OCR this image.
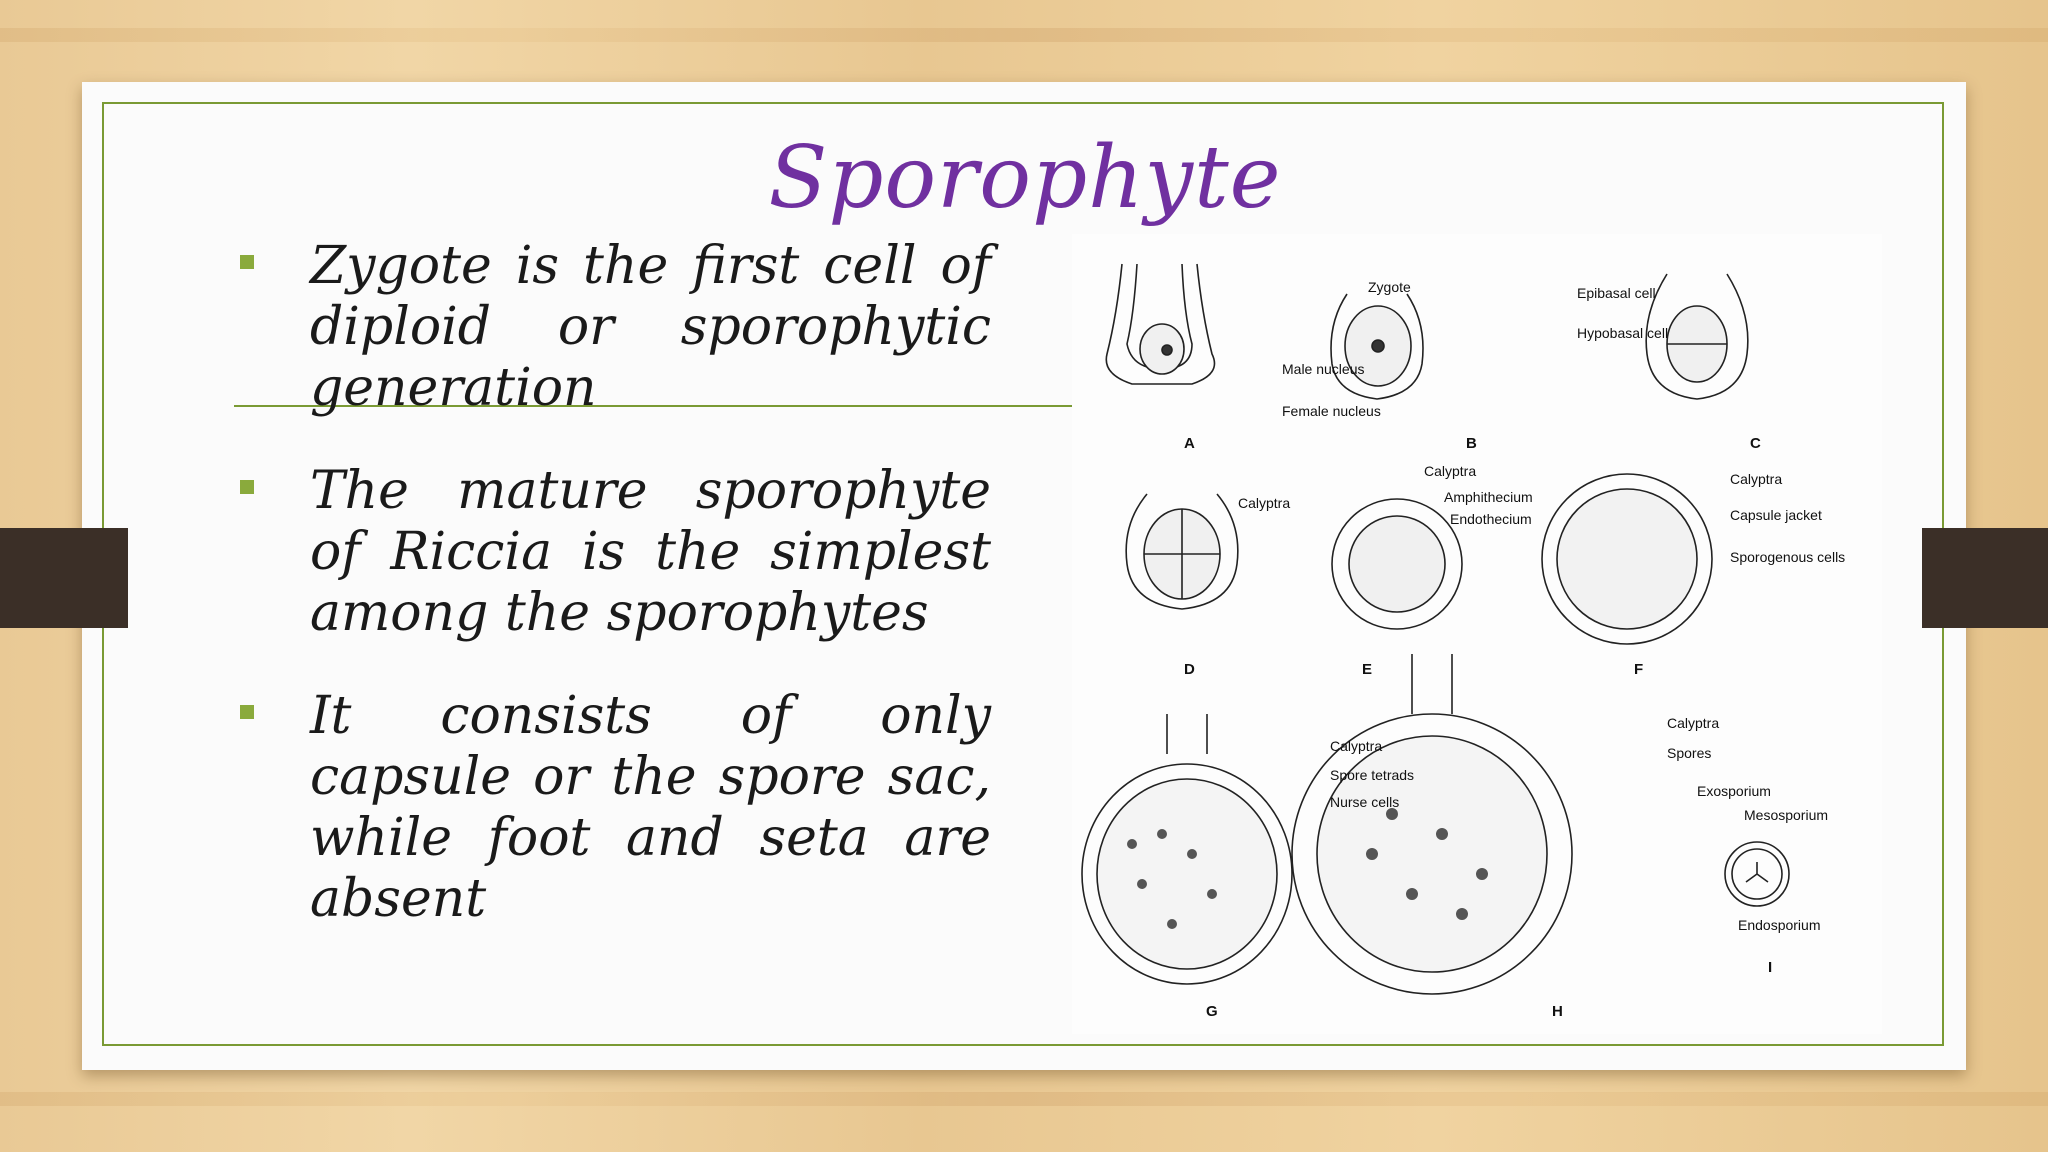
Sporophyte
Zygote is the first cell of diploid or sporophytic generation
The mature sporophyte of Riccia is the simplest among the sporophytes
It consists of only capsule or the spore sac, while foot and seta are absent
Male nucleus
Female nucleus
Zygote	Epibasal cell
Hypobasal cell
Calyptra
Calyptra
Amphithecium
Endothecium
Calyptra
Capsule jacket
Sporogenous cells
Calyptra
Spore tetrads
Nurse cells
Calyptra
Spores
Exosporium
Mesosporium
Endosporium
A	B	C
D	E	F
G	H
I
